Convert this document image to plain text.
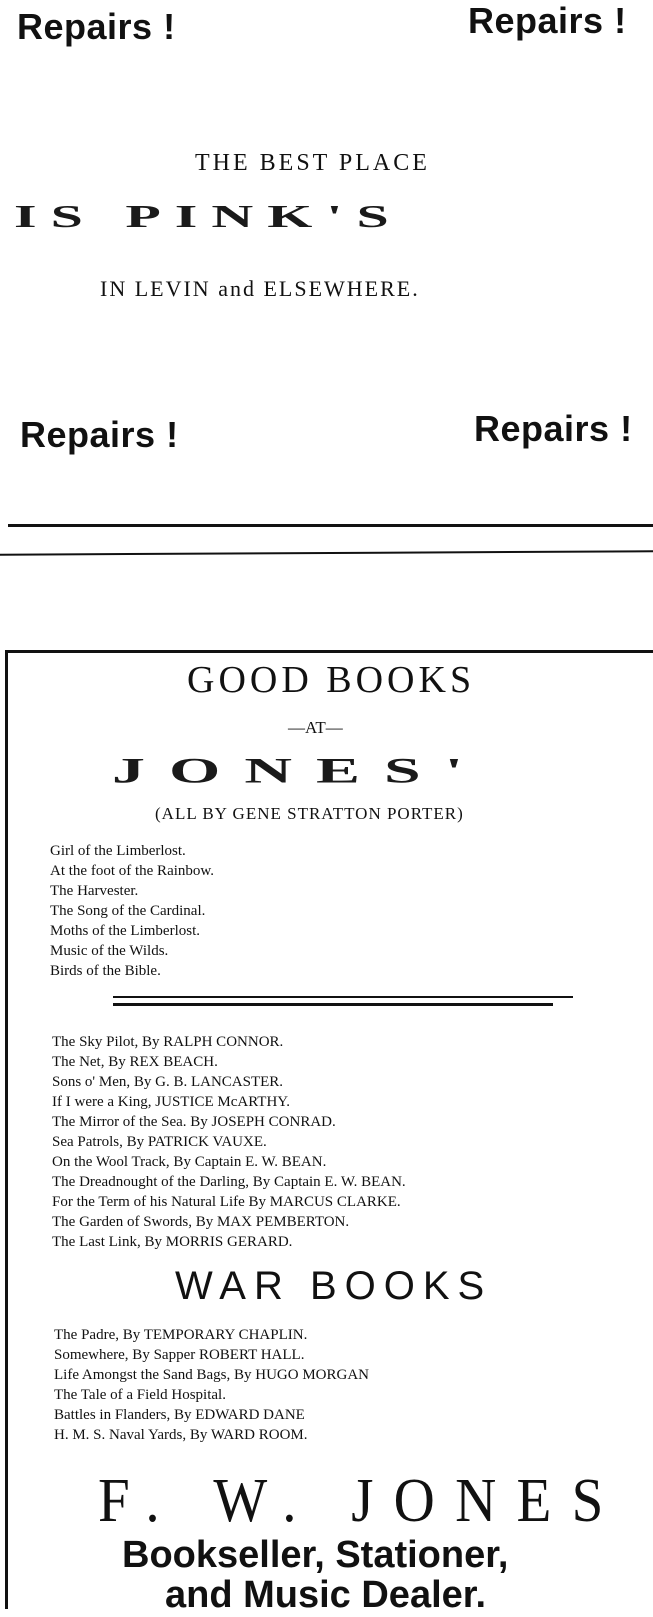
Repairs !	Repairs !
THE BEST PLACE
IS PINK'S
IN LEVIN and ELSEWHERE.
Repairs !	Repairs !
GOOD BOOKS
—AT—
JONES'
(ALL BY GENE STRATTON PORTER)
Girl of the Limberlost.
At the foot of the Rainbow.
The Harvester.
The Song of the Cardinal.
Moths of the Limberlost.
Music of the Wilds.
Birds of the Bible.
The Sky Pilot, By RALPH CONNOR.
The Net, By REX BEACH.
Sons o' Men, By G. B. LANCASTER.
If I were a King, JUSTICE McARTHY.
The Mirror of the Sea. By JOSEPH CONRAD.
Sea Patrols, By PATRICK VAUXE.
On the Wool Track, By Captain E. W. BEAN.
The Dreadnought of the Darling, By Captain E. W. BEAN.
For the Term of his Natural Life By MARCUS CLARKE.
The Garden of Swords, By MAX PEMBERTON.
The Last Link, By MORRIS GERARD.
WAR BOOKS
The Padre, By TEMPORARY CHAPLIN.
Somewhere, By Sapper ROBERT HALL.
Life Amongst the Sand Bags, By HUGO MORGAN
The Tale of a Field Hospital.
Battles in Flanders, By EDWARD DANE
H. M. S. Naval Yards, By WARD ROOM.
F. W. JONES
Bookseller, Stationer,
and Music Dealer.
